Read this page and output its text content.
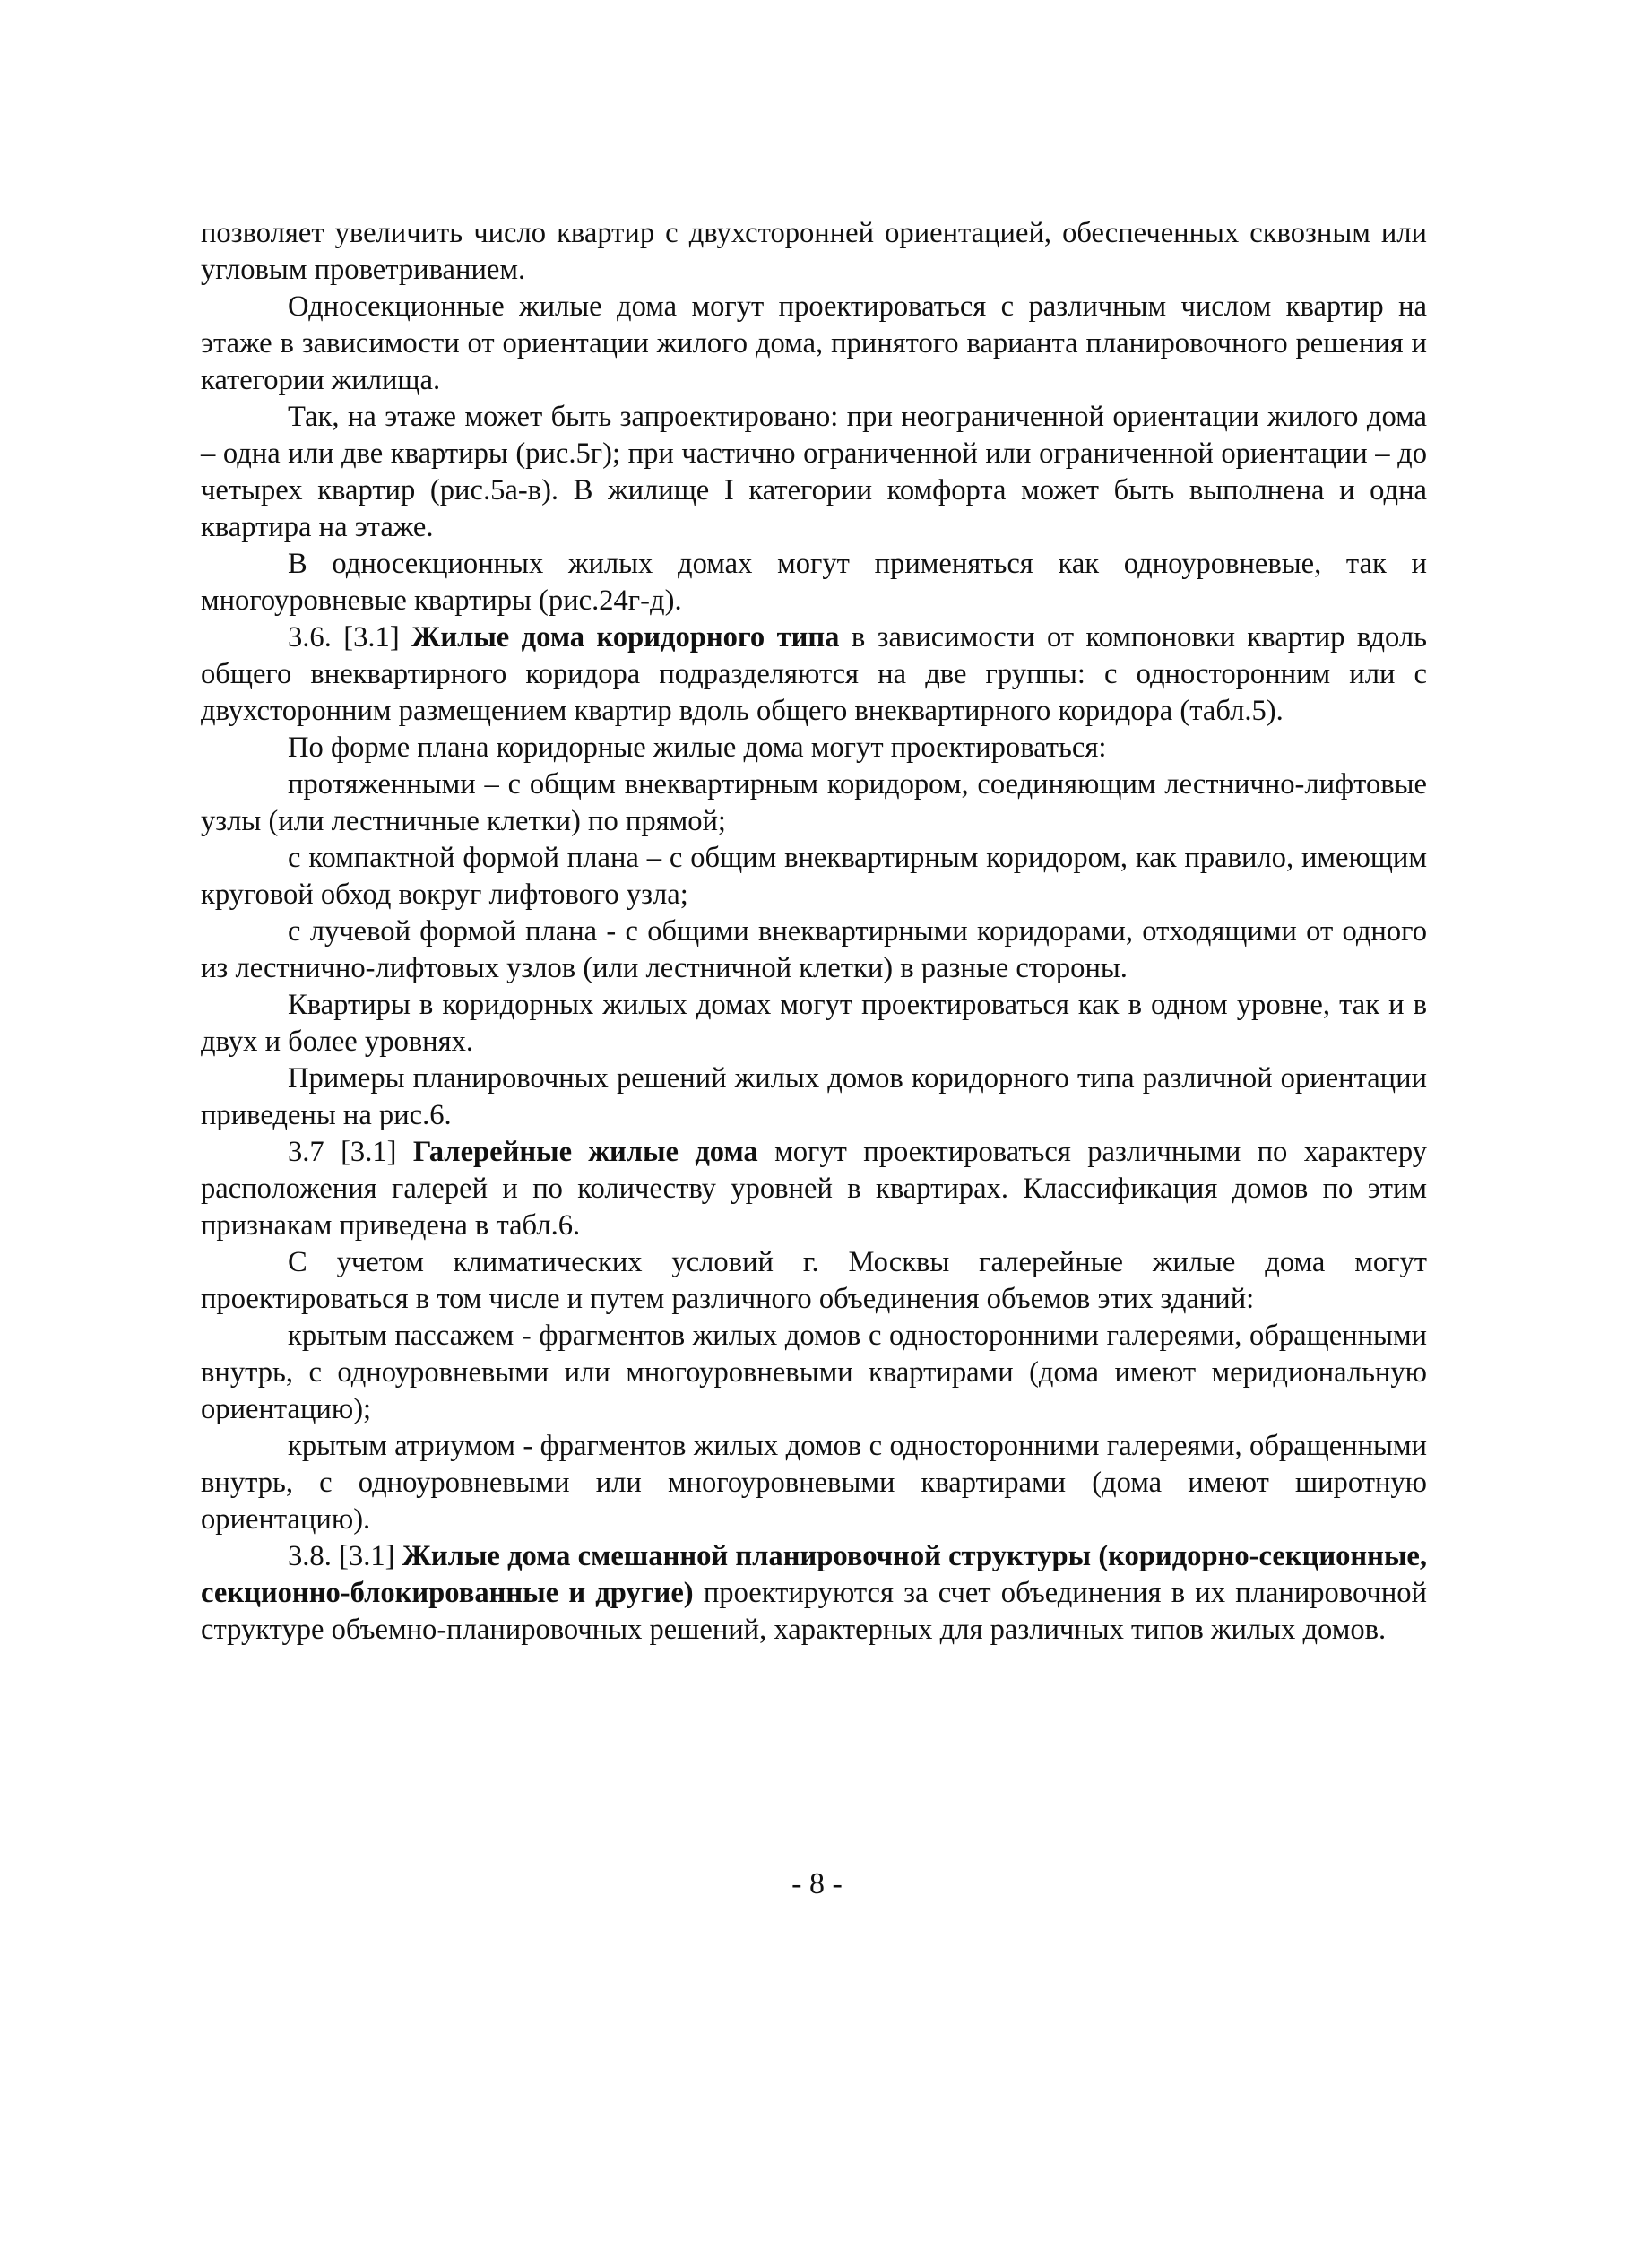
позволяет увеличить число квартир с двухсторонней ориентацией, обеспеченных сквозным или угловым проветриванием.

Односекционные жилые дома могут проектироваться с различным числом квартир на этаже в зависимости от ориентации жилого дома, принятого варианта планировочного решения и категории жилища.

Так, на этаже может быть запроектировано: при неограниченной ориентации жилого дома – одна или две квартиры (рис.5г); при частично ограниченной или ограниченной ориентации – до четырех квартир (рис.5а-в). В жилище I категории комфорта может быть выполнена и одна квартира на этаже.

В односекционных жилых домах могут применяться как одноуровневые, так и многоуровневые квартиры (рис.24г-д).

3.6. [3.1] Жилые дома коридорного типа в зависимости от компоновки квартир вдоль общего внеквартирного коридора подразделяются на две группы: с односторонним или с двухсторонним размещением квартир вдоль общего внеквартирного коридора (табл.5).

По форме плана коридорные жилые дома могут проектироваться:

протяженными – с общим внеквартирным коридором, соединяющим лестнично-лифтовые узлы (или лестничные клетки) по прямой;

с компактной формой плана – с общим внеквартирным коридором, как правило, имеющим круговой обход вокруг лифтового узла;

с лучевой формой плана - с общими внеквартирными коридорами, отходящими от одного из лестнично-лифтовых узлов (или лестничной клетки) в разные стороны.

Квартиры в коридорных жилых домах могут проектироваться как в одном уровне, так и в двух и более уровнях.

Примеры планировочных решений жилых домов коридорного типа различной ориентации приведены на рис.6.

3.7 [3.1] Галерейные жилые дома могут проектироваться различными по характеру расположения галерей и по количеству уровней в квартирах. Классификация домов по этим признакам приведена в табл.6.

С учетом климатических условий г. Москвы галерейные жилые дома могут проектироваться в том числе и путем различного объединения объемов этих зданий:

крытым пассажем - фрагментов жилых домов с односторонними галереями, обращенными внутрь, с одноуровневыми или многоуровневыми квартирами (дома имеют меридиональную ориентацию);

крытым атриумом - фрагментов жилых домов с односторонними галереями, обращенными внутрь, с одноуровневыми или многоуровневыми квартирами (дома имеют широтную ориентацию).

3.8. [3.1] Жилые дома смешанной планировочной структуры (коридорно-секционные, секционно-блокированные и другие) проектируются за счет объединения в их планировочной структуре объемно-планировочных решений, характерных для различных типов жилых домов.

- 8 -
